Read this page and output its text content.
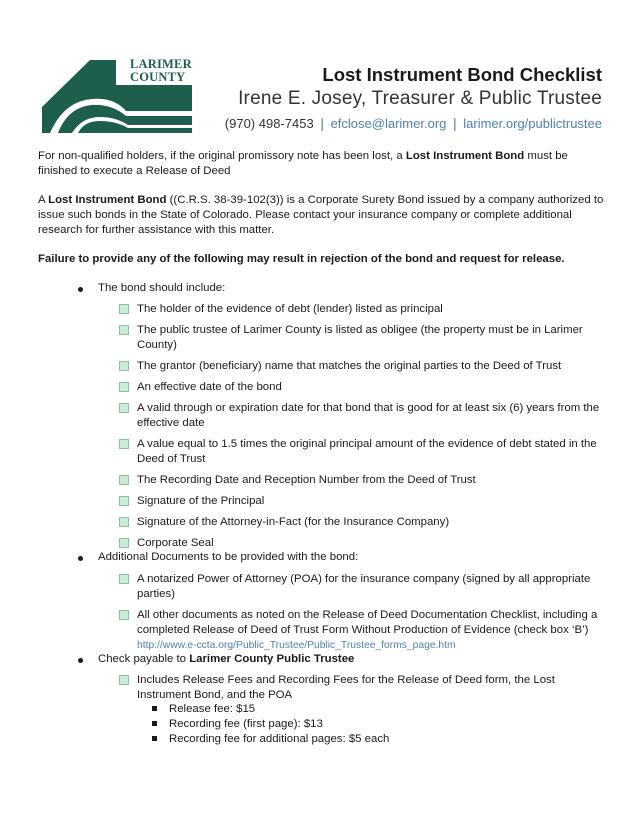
LARIMER
COUNTY	Lost Instrument Bond Checklist
Irene E. Josey, Treasurer & Public Trustee
(970) 498-7453 | efclose@larimer.org | larimer.org/publictrustee
For non-qualified holders, if the original promissory note has been lost, a Lost Instrument Bond must be finished to execute a Release of Deed
A Lost Instrument Bond ((C.R.S. 38-39-102(3)) is a Corporate Surety Bond issued by a company authorized to issue such bonds in the State of Colorado. Please contact your insurance company or complete additional research for further assistance with this matter.
Failure to provide any of the following may result in rejection of the bond and request for release.
The bond should include:
The holder of the evidence of debt (lender) listed as principal
The public trustee of Larimer County is listed as obligee (the property must be in Larimer County)
The grantor (beneficiary) name that matches the original parties to the Deed of Trust
An effective date of the bond
A valid through or expiration date for that bond that is good for at least six (6) years from the effective date
A value equal to 1.5 times the original principal amount of the evidence of debt stated in the Deed of Trust
The Recording Date and Reception Number from the Deed of Trust
Signature of the Principal
Signature of the Attorney-in-Fact (for the Insurance Company)
Corporate Seal
Additional Documents to be provided with the bond:
A notarized Power of Attorney (POA) for the insurance company (signed by all appropriate parties)
All other documents as noted on the Release of Deed Documentation Checklist, including a completed Release of Deed of Trust Form Without Production of Evidence (check box ‘B’)
http://www.e-ccta.org/Public_Trustee/Public_Trustee_forms_page.htm
Check payable to Larimer County Public Trustee
Includes Release Fees and Recording Fees for the Release of Deed form, the Lost Instrument Bond, and the POA
Release fee: $15
Recording fee (first page): $13
Recording fee for additional pages: $5 each
